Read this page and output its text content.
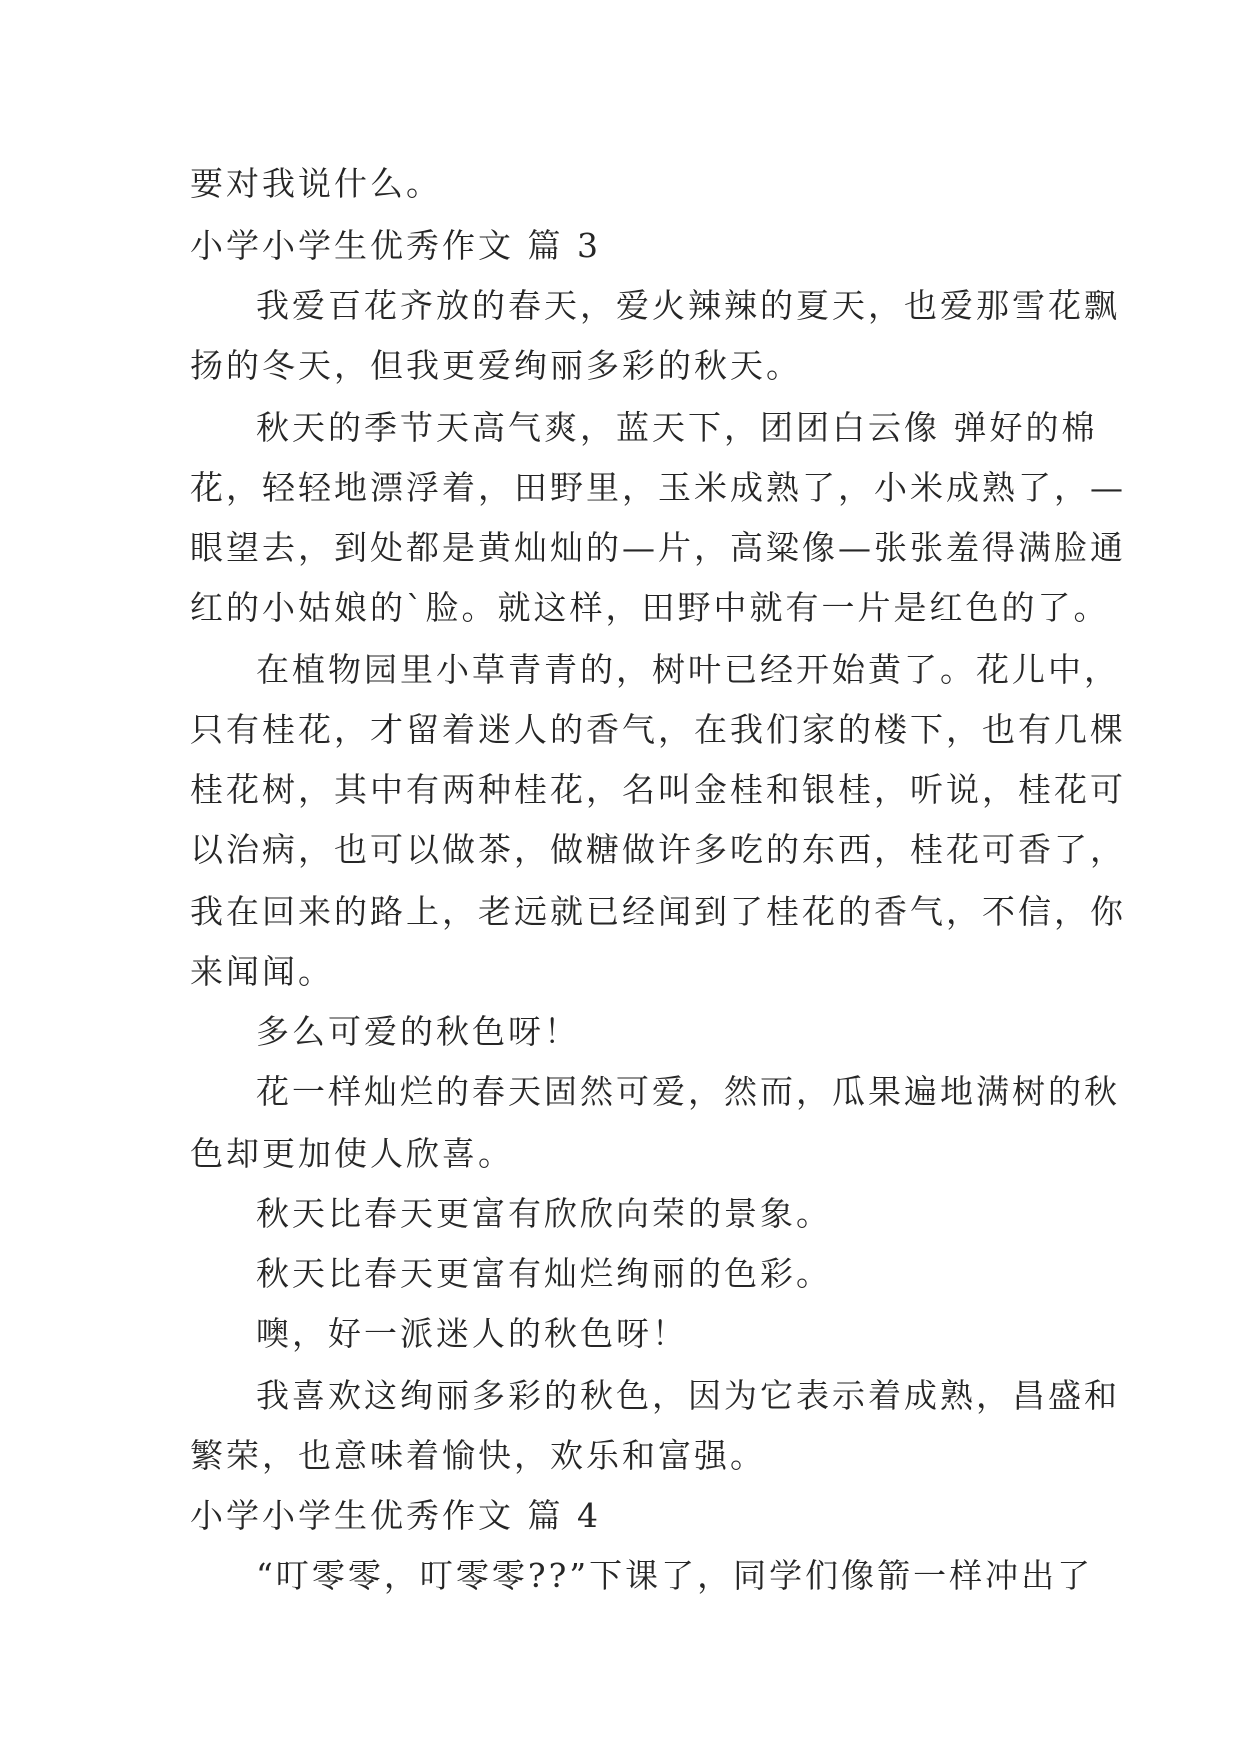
要对我说什么。
小学小学生优秀作文 篇 3
我爱百花齐放的春天，爱火辣辣的夏天，也爱那雪花飘
扬的冬天，但我更爱绚丽多彩的秋天。
秋天的季节天高气爽，蓝天下，团团白云像 弹好的棉
花，轻轻地漂浮着，田野里，玉米成熟了，小米成熟了，—
眼望去，到处都是黄灿灿的—片，高粱像—张张羞得满脸通
红的小姑娘的`脸。就这样，田野中就有一片是红色的了。
在植物园里小草青青的，树叶已经开始黄了。花儿中，
只有桂花，才留着迷人的香气，在我们家的楼下，也有几棵
桂花树，其中有两种桂花，名叫金桂和银桂，听说，桂花可
以治病，也可以做茶，做糖做许多吃的东西，桂花可香了，
我在回来的路上，老远就已经闻到了桂花的香气，不信，你
来闻闻。
多么可爱的秋色呀！
花一样灿烂的春天固然可爱，然而，瓜果遍地满树的秋
色却更加使人欣喜。
秋天比春天更富有欣欣向荣的景象。
秋天比春天更富有灿烂绚丽的色彩。
噢，好一派迷人的秋色呀！
我喜欢这绚丽多彩的秋色，因为它表示着成熟，昌盛和
繁荣，也意味着愉快，欢乐和富强。
小学小学生优秀作文 篇 4
“叮零零，叮零零??”下课了，同学们像箭一样冲出了
